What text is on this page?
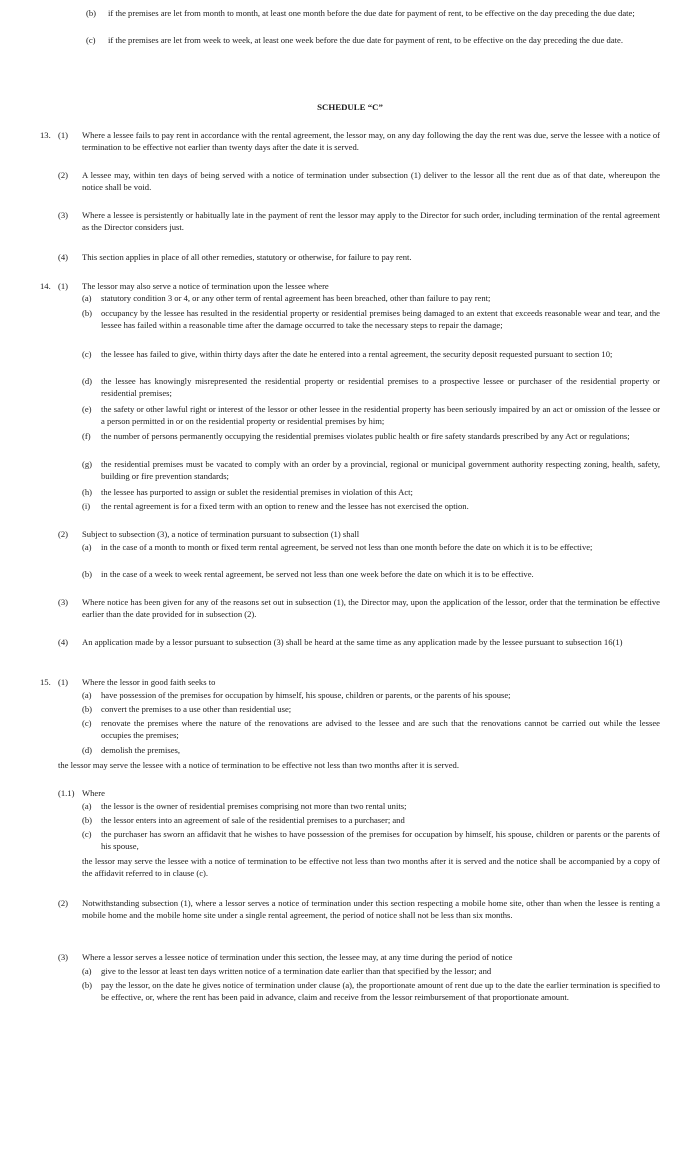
(b)	if the premises are let from month to month, at least one month before the due date for payment of rent, to be effective on the day preceding the due date;
(c)	if the premises are let from week to week, at least one week before the due date for payment of rent, to be effective on the day preceding the due date.
SCHEDULE “C”
13. (1)	Where a lessee fails to pay rent in accordance with the rental agreement, the lessor may, on any day following the day the rent was due, serve the lessee with a notice of termination to be effective not earlier than twenty days after the date it is served.
(2)	A lessee may, within ten days of being served with a notice of termination under subsection (1) deliver to the lessor all the rent due as of that date, whereupon the notice shall be void.
(3)	Where a lessee is persistently or habitually late in the payment of rent the lessor may apply to the Director for such order, including termination of the rental agreement as the Director considers just.
(4)	This section applies in place of all other remedies, statutory or otherwise, for failure to pay rent.
14. (1)	The lessor may also serve a notice of termination upon the lessee where
(a)	statutory condition 3 or 4, or any other term of rental agreement has been breached, other than failure to pay rent;
(b)	occupancy by the lessee has resulted in the residential property or residential premises being damaged to an extent that exceeds reasonable wear and tear, and the lessee has failed within a reasonable time after the damage occurred to take the necessary steps to repair the damage;
(c)	the lessee has failed to give, within thirty days after the date he entered into a rental agreement, the security deposit requested pursuant to section 10;
(d)	the lessee has knowingly misrepresented the residential property or residential premises to a prospective lessee or purchaser of the residential property or residential premises;
(e)	the safety or other lawful right or interest of the lessor or other lessee in the residential property has been seriously impaired by an act or omission of the lessee or a person permitted in or on the residential property or residential premises by him;
(f)	the number of persons permanently occupying the residential premises violates public health or fire safety standards prescribed by any Act or regulations;
(g)	the residential premises must be vacated to comply with an order by a provincial, regional or municipal government authority respecting zoning, health, safety, building or fire prevention standards;
(h)	the lessee has purported to assign or sublet the residential premises in violation of this Act;
(i)	the rental agreement is for a fixed term with an option to renew and the lessee has not exercised the option.
(2)	Subject to subsection (3), a notice of termination pursuant to subsection (1) shall
(a)	in the case of a month to month or fixed term rental agreement, be served not less than one month before the date on which it is to be effective;
(b)	in the case of a week to week rental agreement, be served not less than one week before the date on which it is to be effective.
(3)	Where notice has been given for any of the reasons set out in subsection (1), the Director may, upon the application of the lessor, order that the termination be effective earlier than the date provided for in subsection (2).
(4)	An application made by a lessor pursuant to subsection (3) shall be heard at the same time as any application made by the lessee pursuant to subsection 16(1)
15. (1)	Where the lessor in good faith seeks to
(a)	have possession of the premises for occupation by himself, his spouse, children or parents, or the parents of his spouse;
(b)	convert the premises to a use other than residential use;
(c)	renovate the premises where the nature of the renovations are advised to the lessee and are such that the renovations cannot be carried out while the lessee occupies the premises;
(d)	demolish the premises,
the lessor may serve the lessee with a notice of termination to be effective not less than two months after it is served.
(1.1) Where
(a)	the lessor is the owner of residential premises comprising not more than two rental units;
(b)	the lessor enters into an agreement of sale of the residential premises to a purchaser; and
(c)	the purchaser has sworn an affidavit that he wishes to have possession of the premises for occupation by himself, his spouse, children or parents or the parents of his spouse,
the lessor may serve the lessee with a notice of termination to be effective not less than two months after it is served and the notice shall be accompanied by a copy of the affidavit referred to in clause (c).
(2)	Notwithstanding subsection (1), where a lessor serves a notice of termination under this section respecting a mobile home site, other than when the lessee is renting a mobile home and the mobile home site under a single rental agreement, the period of notice shall not be less than six months.
(3)	Where a lessor serves a lessee notice of termination under this section, the lessee may, at any time during the period of notice
(a)	give to the lessor at least ten days written notice of a termination date earlier than that specified by the lessor; and
(b)	pay the lessor, on the date he gives notice of termination under clause (a), the proportionate amount of rent due up to the date the earlier termination is specified to be effective, or, where the rent has been paid in advance, claim and receive from the lessor reimbursement of that proportionate amount.
